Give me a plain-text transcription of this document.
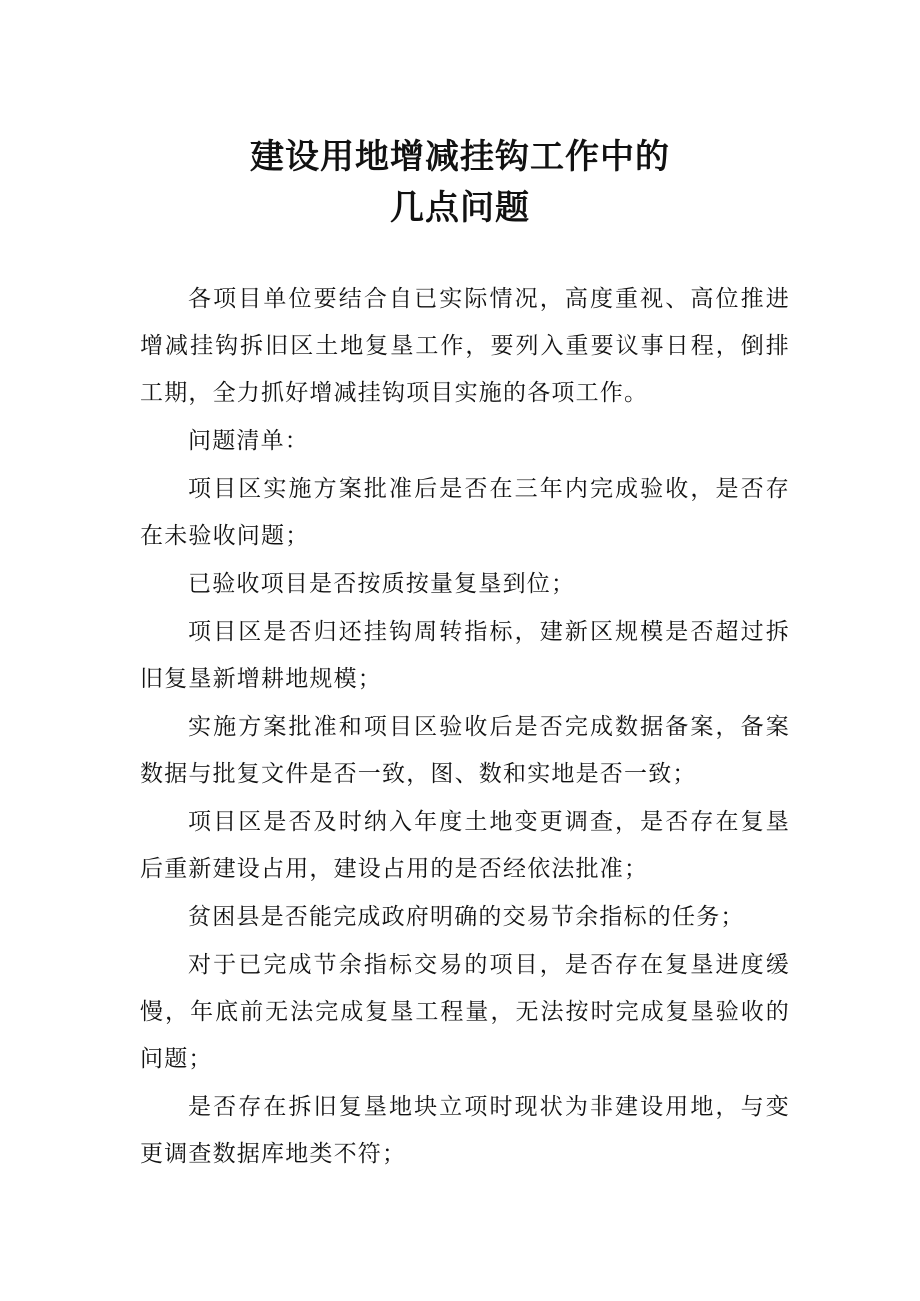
建设用地增减挂钩工作中的
几点问题

各项目单位要结合自已实际情况，高度重视、高位推进增减挂钩拆旧区土地复垦工作，要列入重要议事日程，倒排工期，全力抓好增减挂钩项目实施的各项工作。

问题清单：

项目区实施方案批准后是否在三年内完成验收，是否存在未验收问题；

已验收项目是否按质按量复垦到位；

项目区是否归还挂钩周转指标，建新区规模是否超过拆旧复垦新增耕地规模；

实施方案批准和项目区验收后是否完成数据备案，备案数据与批复文件是否一致，图、数和实地是否一致；

项目区是否及时纳入年度土地变更调查，是否存在复垦后重新建设占用，建设占用的是否经依法批准；

贫困县是否能完成政府明确的交易节余指标的任务；

对于已完成节余指标交易的项目，是否存在复垦进度缓慢，年底前无法完成复垦工程量，无法按时完成复垦验收的问题；

是否存在拆旧复垦地块立项时现状为非建设用地，与变更调查数据库地类不符；
